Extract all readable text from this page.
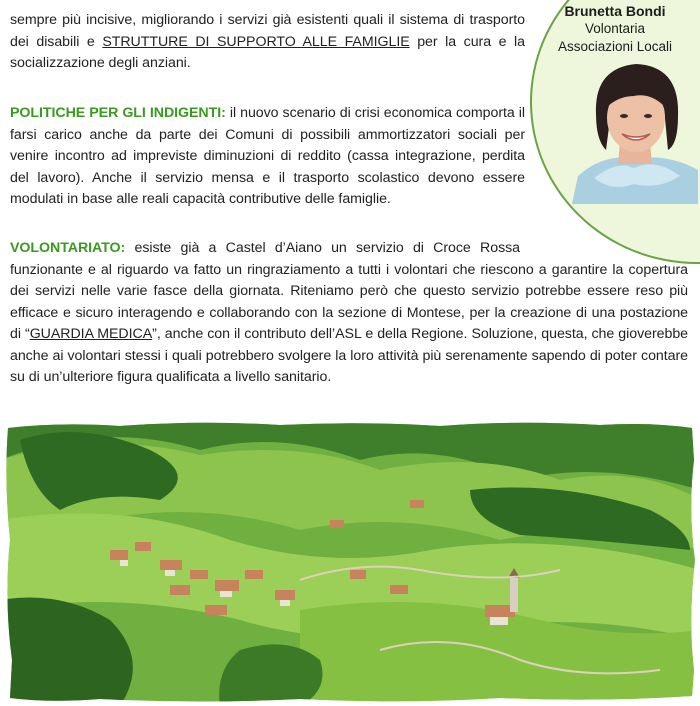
Brunetta Bondi
Volontaria
Associazioni Locali

sempre più incisive, migliorando i servizi già esistenti quali il sistema di trasporto dei disabili e STRUTTURE DI SUPPORTO ALLE FAMIGLIE per la cura e la socializzazione degli anziani.

POLITICHE PER GLI INDIGENTI: il nuovo scenario di crisi economica comporta il farsi carico anche da parte dei Comuni di possibili ammortizzatori sociali per venire incontro ad impreviste diminuzioni di reddito (cassa integrazione, perdita del lavoro). Anche il servizio mensa e il trasporto scolastico devono essere modulati in base alle reali capacità contributive delle famiglie.

VOLONTARIATO: esiste già a Castel d’Aiano un servizio di Croce Rossa
funzionante e al riguardo va fatto un ringraziamento a tutti i volontari che riescono a garantire la copertura dei servizi nelle varie fasce della giornata. Riteniamo però che questo servizio potrebbe essere reso più efficace e sicuro interagendo e collaborando con la sezione di Montese, per la creazione di una postazione di “GUARDIA MEDICA”, anche con il contributo dell’ASL e della Regione. Soluzione, questa, che gioverebbe anche ai volontari stessi i quali potrebbero svolgere la loro attività più serenamente sapendo di poter contare su di un’ulteriore figura qualificata a livello sanitario.
